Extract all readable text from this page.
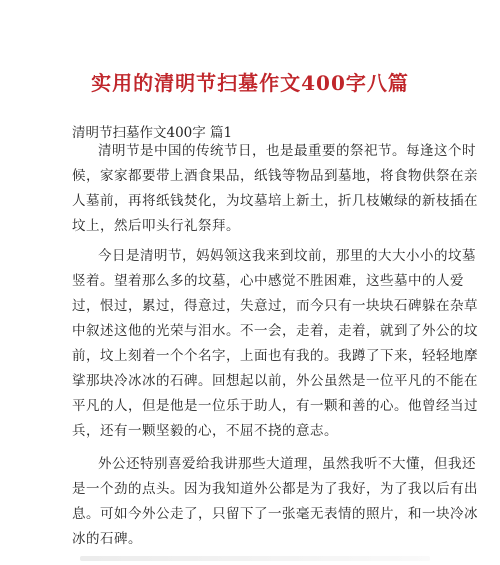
实用的清明节扫墓作文400字八篇
清明节扫墓作文400字 篇1
清明节是中国的传统节日，也是最重要的祭祀节。每逢这个时
候，家家都要带上酒食果品，纸钱等物品到墓地，将食物供祭在亲
人墓前，再将纸钱焚化，为坟墓培上新土，折几枝嫩绿的新枝插在
坟上，然后叩头行礼祭拜。
今日是清明节，妈妈领这我来到坟前，那里的大大小小的坟墓
竖着。望着那么多的坟墓，心中感觉不胜困难，这些墓中的人爱
过，恨过，累过，得意过，失意过，而今只有一块块石碑躲在杂草
中叙述这他的光荣与泪水。不一会，走着，走着，就到了外公的坟
前，坟上刻着一个个名字，上面也有我的。我蹲了下来，轻轻地摩
挲那块冷冰冰的石碑。回想起以前，外公虽然是一位平凡的不能在
平凡的人，但是他是一位乐于助人，有一颗和善的心。他曾经当过
兵，还有一颗坚毅的心，不屈不挠的意志。
外公还特别喜爱给我讲那些大道理，虽然我听不大懂，但我还
是一个劲的点头。因为我知道外公都是为了我好，为了我以后有出
息。可如今外公走了，只留下了一张毫无表情的照片，和一块冷冰
冰的石碑。
